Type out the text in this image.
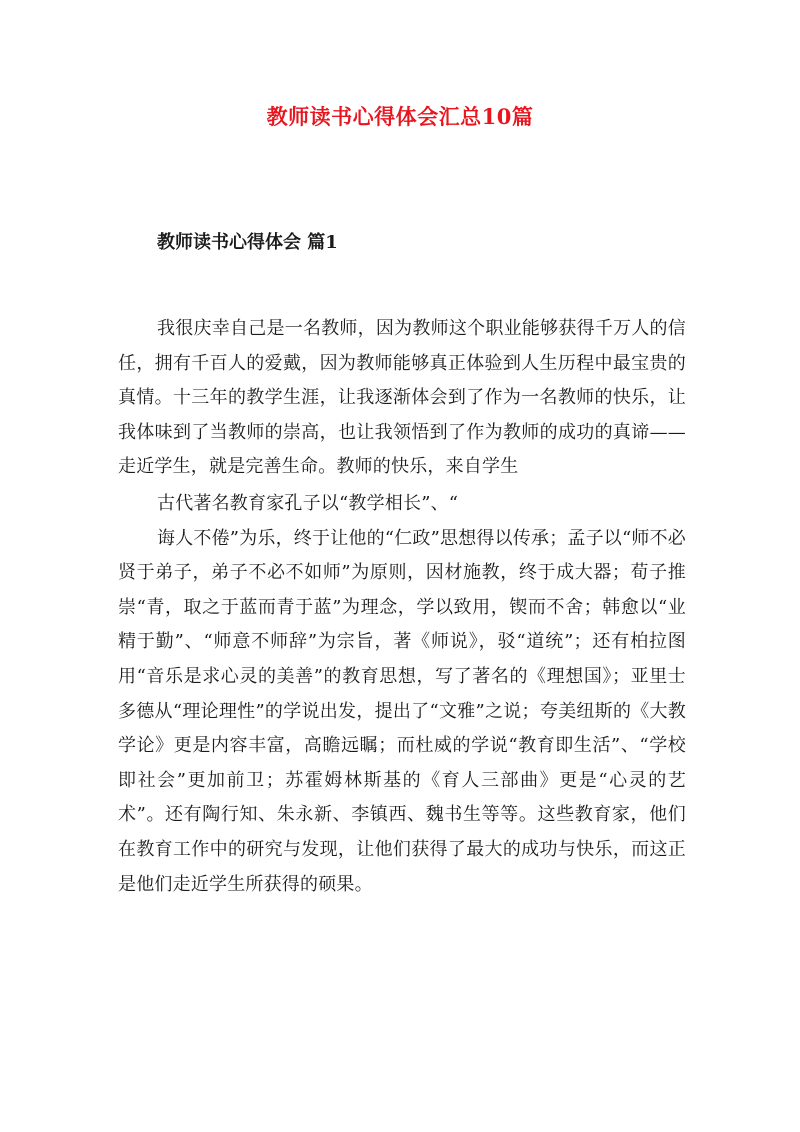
教师读书心得体会汇总10篇
教师读书心得体会 篇1

我很庆幸自己是一名教师，因为教师这个职业能够获得千万人的信任，拥有千百人的爱戴，因为教师能够真正体验到人生历程中最宝贵的真情。十三年的教学生涯，让我逐渐体会到了作为一名教师的快乐，让我体味到了当教师的崇高，也让我领悟到了作为教师的成功的真谛——走近学生，就是完善生命。教师的快乐，来自学生

古代著名教育家孔子以“教学相长”、“

诲人不倦”为乐，终于让他的“仁政”思想得以传承；孟子以“师不必贤于弟子，弟子不必不如师”为原则，因材施教，终于成大器；荀子推崇“青，取之于蓝而青于蓝”为理念，学以致用，锲而不舍；韩愈以“业精于勤”、“师意不师辞”为宗旨，著《师说》，驳“道统”；还有柏拉图用“音乐是求心灵的美善”的教育思想，写了著名的《理想国》；亚里士多德从“理论理性”的学说出发，提出了“文雅”之说；夸美纽斯的《大教学论》更是内容丰富，高瞻远瞩；而杜威的学说“教育即生活”、“学校即社会”更加前卫；苏霍姆林斯基的《育人三部曲》更是“心灵的艺术”。还有陶行知、朱永新、李镇西、魏书生等等。这些教育家，他们在教育工作中的研究与发现，让他们获得了最大的成功与快乐，而这正是他们走近学生所获得的硕果。
